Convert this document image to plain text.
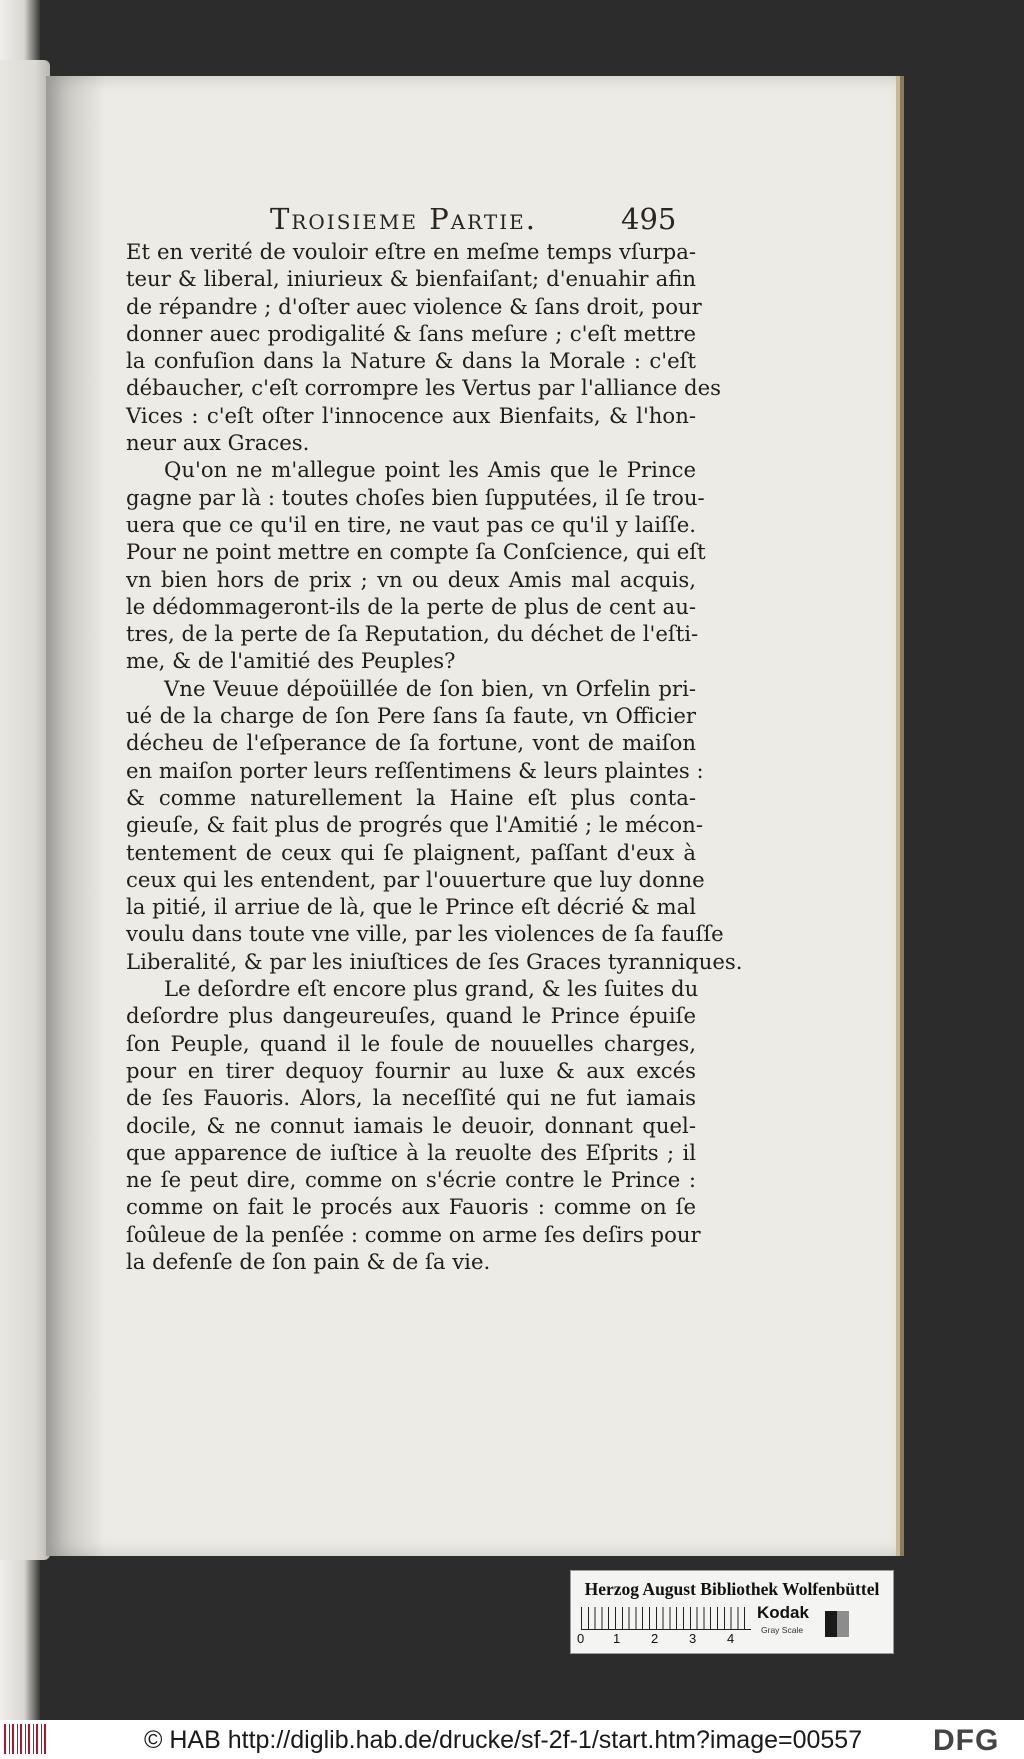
Troisieme Partie.	495
Et en verité de vouloir eſtre en meſme temps vſurpa-
teur & liberal, iniurieux & bienfaiſant; d'enuahir afin
de répandre ; d'oſter auec violence & ſans droit, pour
donner auec prodigalité & ſans meſure ; c'eſt mettre
la confuſion dans la Nature & dans la Morale : c'eſt
débaucher, c'eſt corrompre les Vertus par l'alliance des
Vices : c'eſt oſter l'innocence aux Bienfaits, & l'hon-
neur aux Graces.
Qu'on ne m'allegue point les Amis que le Prince
gagne par là : toutes choſes bien ſupputées, il ſe trou-
uera que ce qu'il en tire, ne vaut pas ce qu'il y laiſſe.
Pour ne point mettre en compte ſa Conſcience, qui eſt
vn bien hors de prix ; vn ou deux Amis mal acquis,
le dédommageront-ils de la perte de plus de cent au-
tres, de la perte de ſa Reputation, du déchet de l'eſti-
me, & de l'amitié des Peuples?
Vne Veuue dépoüillée de ſon bien, vn Orfelin pri-
ué de la charge de ſon Pere ſans ſa faute, vn Officier
décheu de l'eſperance de ſa fortune, vont de maiſon
en maiſon porter leurs reſſentimens & leurs plaintes :
& comme naturellement la Haine eſt plus conta-
gieuſe, & fait plus de progrés que l'Amitié ; le mécon-
tentement de ceux qui ſe plaignent, paſſant d'eux à
ceux qui les entendent, par l'ouuerture que luy donne
la pitié, il arriue de là, que le Prince eſt décrié & mal
voulu dans toute vne ville, par les violences de ſa fauſſe
Liberalité, & par les iniuſtices de ſes Graces tyranniques.
Le deſordre eſt encore plus grand, & les ſuites du
deſordre plus dangeureuſes, quand le Prince épuiſe
ſon Peuple, quand il le foule de nouuelles charges,
pour en tirer dequoy fournir au luxe & aux excés
de ſes Fauoris. Alors, la neceſſité qui ne fut iamais
docile, & ne connut iamais le deuoir, donnant quel-
que apparence de iuſtice à la reuolte des Eſprits ; il
ne ſe peut dire, comme on s'écrie contre le Prince :
comme on fait le procés aux Fauoris : comme on ſe
ſoûleue de la penſée : comme on arme ſes deſirs pour
la defenſe de ſon pain & de ſa vie.
Herzog August Bibliothek Wolfenbüttel
0 1 2 3 4
Kodak
Gray Scale
© HAB http://diglib.hab.de/drucke/sf-2f-1/start.htm?image=00557 DFG
